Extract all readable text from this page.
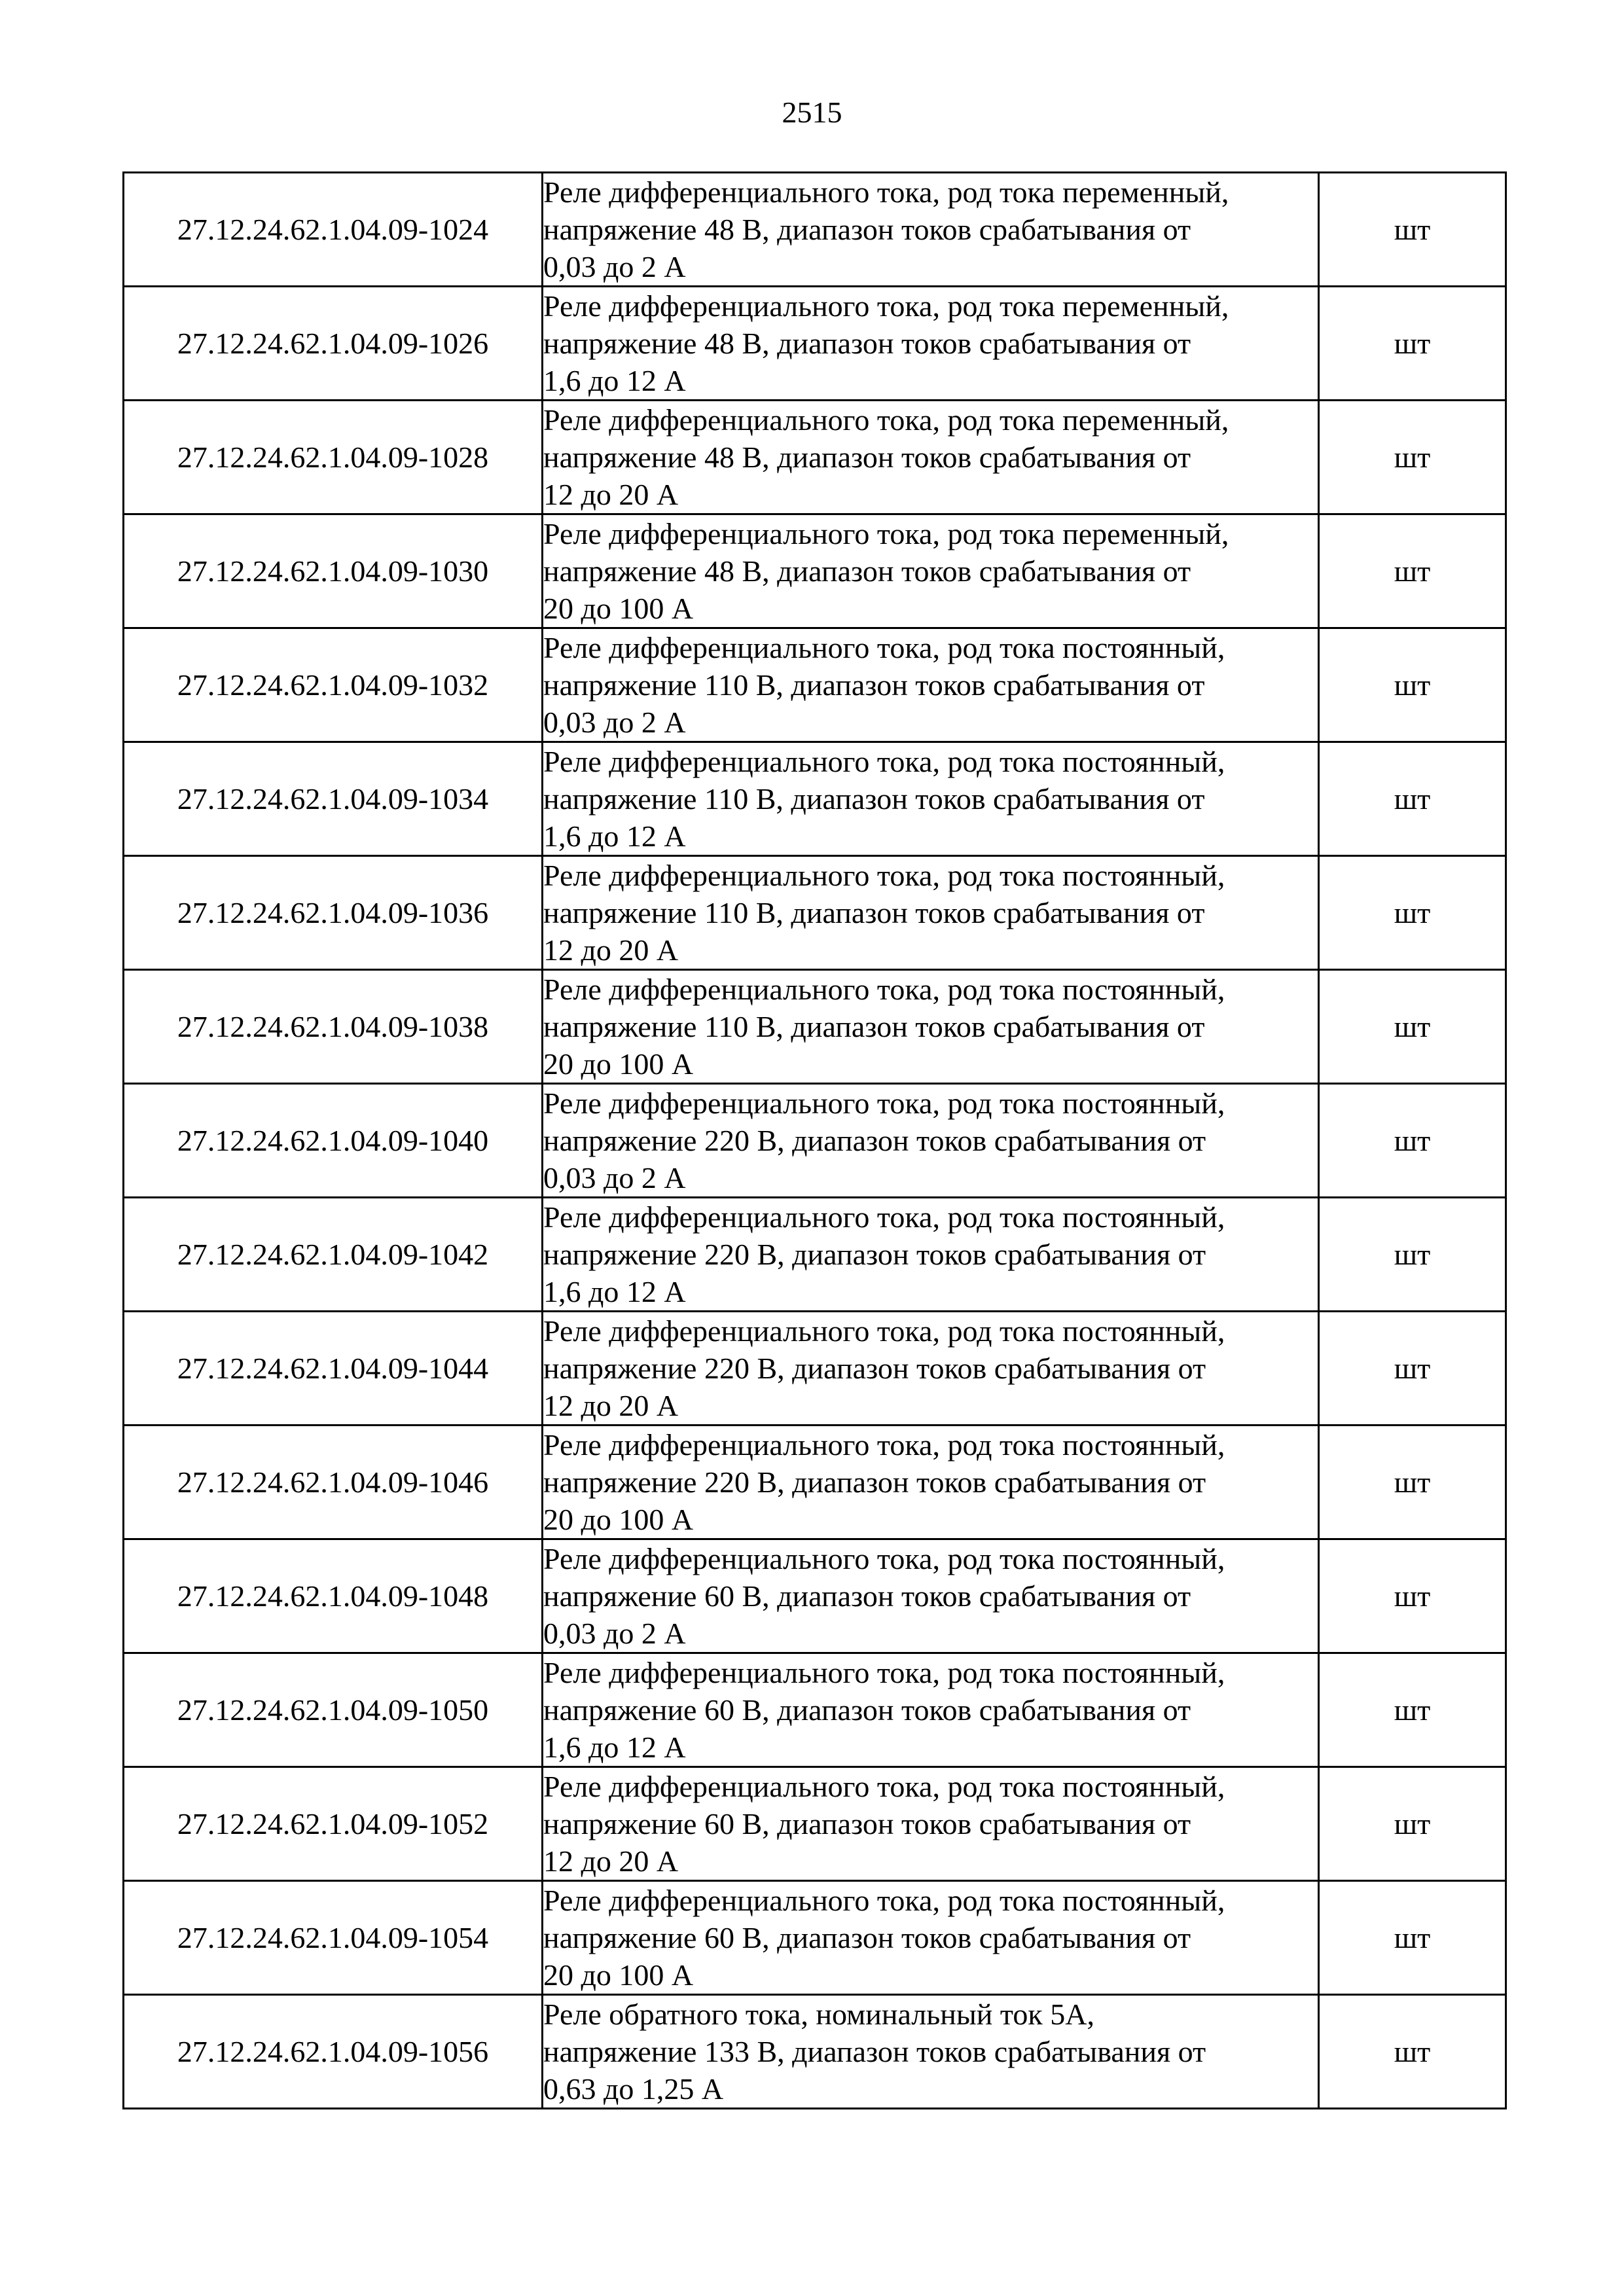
2515
27.12.24.62.1.04.09-1024	Реле дифференциального тока, род тока переменный,
напряжение 48 В, диапазон токов срабатывания от
0,03 до 2 А	шт
27.12.24.62.1.04.09-1026	Реле дифференциального тока, род тока переменный,
напряжение 48 В, диапазон токов срабатывания от
1,6 до 12 А	шт
27.12.24.62.1.04.09-1028	Реле дифференциального тока, род тока переменный,
напряжение 48 В, диапазон токов срабатывания от
12 до 20 А	шт
27.12.24.62.1.04.09-1030	Реле дифференциального тока, род тока переменный,
напряжение 48 В, диапазон токов срабатывания от
20 до 100 А	шт
27.12.24.62.1.04.09-1032	Реле дифференциального тока, род тока постоянный,
напряжение 110 В, диапазон токов срабатывания от
0,03 до 2 А	шт
27.12.24.62.1.04.09-1034	Реле дифференциального тока, род тока постоянный,
напряжение 110 В, диапазон токов срабатывания от
1,6 до 12 А	шт
27.12.24.62.1.04.09-1036	Реле дифференциального тока, род тока постоянный,
напряжение 110 В, диапазон токов срабатывания от
12 до 20 А	шт
27.12.24.62.1.04.09-1038	Реле дифференциального тока, род тока постоянный,
напряжение 110 В, диапазон токов срабатывания от
20 до 100 А	шт
27.12.24.62.1.04.09-1040	Реле дифференциального тока, род тока постоянный,
напряжение 220 В, диапазон токов срабатывания от
0,03 до 2 А	шт
27.12.24.62.1.04.09-1042	Реле дифференциального тока, род тока постоянный,
напряжение 220 В, диапазон токов срабатывания от
1,6 до 12 А	шт
27.12.24.62.1.04.09-1044	Реле дифференциального тока, род тока постоянный,
напряжение 220 В, диапазон токов срабатывания от
12 до 20 А	шт
27.12.24.62.1.04.09-1046	Реле дифференциального тока, род тока постоянный,
напряжение 220 В, диапазон токов срабатывания от
20 до 100 А	шт
27.12.24.62.1.04.09-1048	Реле дифференциального тока, род тока постоянный,
напряжение 60 В, диапазон токов срабатывания от
0,03 до 2 А	шт
27.12.24.62.1.04.09-1050	Реле дифференциального тока, род тока постоянный,
напряжение 60 В, диапазон токов срабатывания от
1,6 до 12 А	шт
27.12.24.62.1.04.09-1052	Реле дифференциального тока, род тока постоянный,
напряжение 60 В, диапазон токов срабатывания от
12 до 20 А	шт
27.12.24.62.1.04.09-1054	Реле дифференциального тока, род тока постоянный,
напряжение 60 В, диапазон токов срабатывания от
20 до 100 А	шт
27.12.24.62.1.04.09-1056	Реле обратного тока, номинальный ток 5А,
напряжение 133 В, диапазон токов срабатывания от
0,63 до 1,25 А	шт
